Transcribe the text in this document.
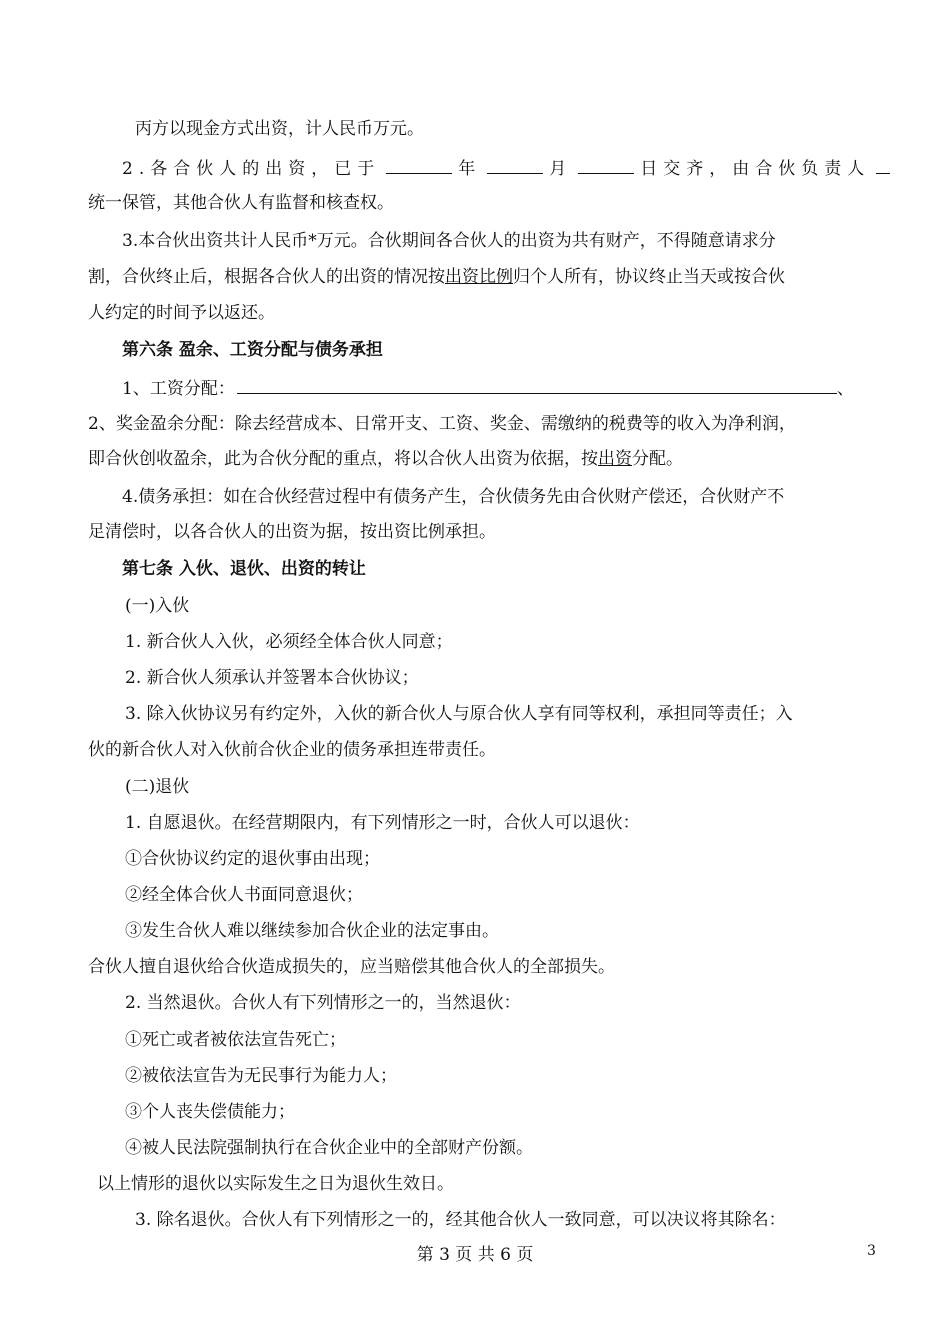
丙方以现金方式出资，计人民币万元。
2.各合伙人的出资，已于	年	月	日交齐，由合伙负责人
统一保管，其他合伙人有监督和核查权。
3.本合伙出资共计人民币*万元。合伙期间各合伙人的出资为共有财产，不得随意请求分
割，合伙终止后，根据各合伙人的出资的情况按出资比例归个人所有，协议终止当天或按合伙
人约定的时间予以返还。
第六条 盈余、工资分配与债务承担
1、工资分配：	、
2、奖金盈余分配：除去经营成本、日常开支、工资、奖金、需缴纳的税费等的收入为净利润，
即合伙创收盈余，此为合伙分配的重点，将以合伙人出资为依据，按出资分配。
4.债务承担：如在合伙经营过程中有债务产生，合伙债务先由合伙财产偿还，合伙财产不
足清偿时，以各合伙人的出资为据，按出资比例承担。
第七条 入伙、退伙、出资的转让
(一)入伙
1. 新合伙人入伙，必须经全体合伙人同意；
2. 新合伙人须承认并签署本合伙协议；
3. 除入伙协议另有约定外，入伙的新合伙人与原合伙人享有同等权利，承担同等责任；入
伙的新合伙人对入伙前合伙企业的债务承担连带责任。
(二)退伙
1. 自愿退伙。在经营期限内，有下列情形之一时，合伙人可以退伙：
①合伙协议约定的退伙事由出现；
②经全体合伙人书面同意退伙；
③发生合伙人难以继续参加合伙企业的法定事由。
合伙人擅自退伙给合伙造成损失的，应当赔偿其他合伙人的全部损失。
2. 当然退伙。合伙人有下列情形之一的，当然退伙：
①死亡或者被依法宣告死亡；
②被依法宣告为无民事行为能力人；
③个人丧失偿债能力；
④被人民法院强制执行在合伙企业中的全部财产份额。
以上情形的退伙以实际发生之日为退伙生效日。
3. 除名退伙。合伙人有下列情形之一的，经其他合伙人一致同意，可以决议将其除名：
第 3 页 共 6 页	3
